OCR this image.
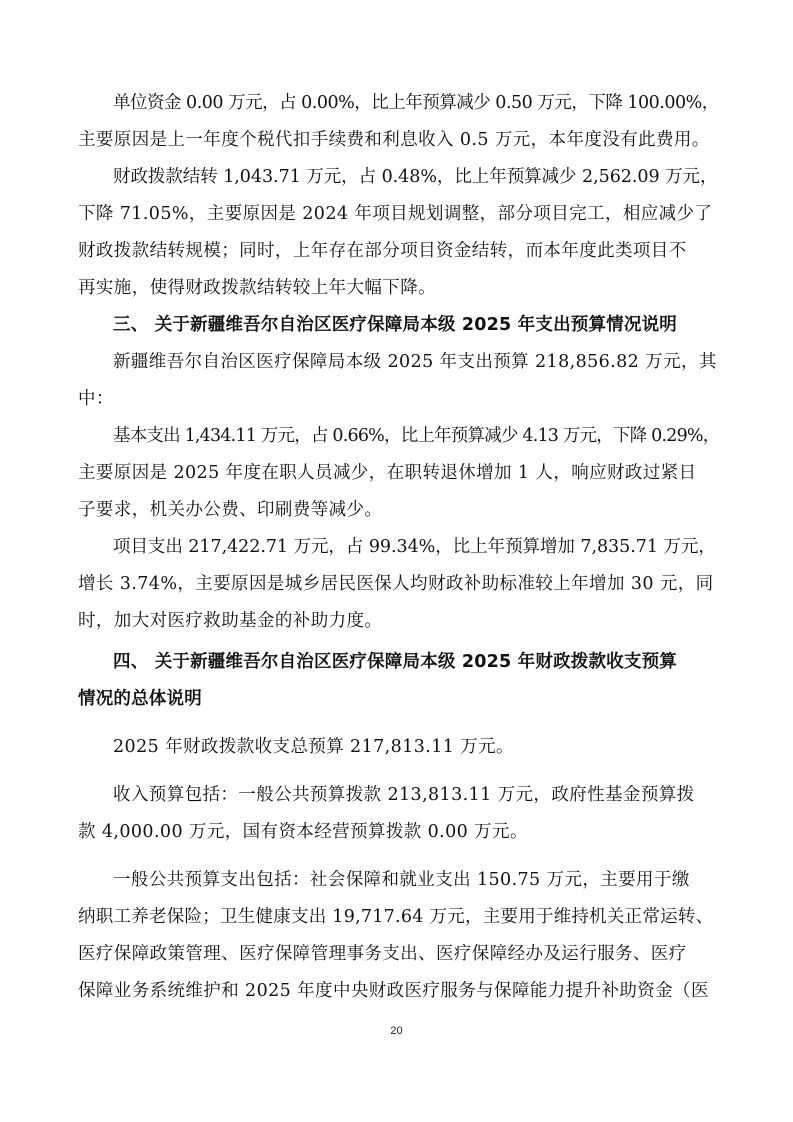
单位资金 0.00 万元，占 0.00%，比上年预算减少 0.50 万元，下降 100.00%，
主要原因是上一年度个税代扣手续费和利息收入 0.5 万元，本年度没有此费用。
财政拨款结转 1,043.71 万元，占 0.48%，比上年预算减少 2,562.09 万元，
下降 71.05%，主要原因是 2024 年项目规划调整，部分项目完工，相应减少了
财政拨款结转规模；同时，上年存在部分项目资金结转，而本年度此类项目不
再实施，使得财政拨款结转较上年大幅下降。
三、 关于新疆维吾尔自治区医疗保障局本级 2025 年支出预算情况说明
新疆维吾尔自治区医疗保障局本级 2025 年支出预算 218,856.82 万元，其
中：
基本支出 1,434.11 万元，占 0.66%，比上年预算减少 4.13 万元，下降 0.29%，
主要原因是 2025 年度在职人员减少，在职转退休增加 1 人，响应财政过紧日
子要求，机关办公费、印刷费等减少。
项目支出 217,422.71 万元，占 99.34%，比上年预算增加 7,835.71 万元，
增长 3.74%，主要原因是城乡居民医保人均财政补助标准较上年增加 30 元，同
时，加大对医疗救助基金的补助力度。
四、 关于新疆维吾尔自治区医疗保障局本级 2025 年财政拨款收支预算
情况的总体说明
2025 年财政拨款收支总预算 217,813.11 万元。
收入预算包括：一般公共预算拨款 213,813.11 万元，政府性基金预算拨
款 4,000.00 万元，国有资本经营预算拨款 0.00 万元。
一般公共预算支出包括：社会保障和就业支出 150.75 万元，主要用于缴
纳职工养老保险；卫生健康支出 19,717.64 万元，主要用于维持机关正常运转、
医疗保障政策管理、医疗保障管理事务支出、医疗保障经办及运行服务、医疗
保障业务系统维护和 2025 年度中央财政医疗服务与保障能力提升补助资金（医
20
